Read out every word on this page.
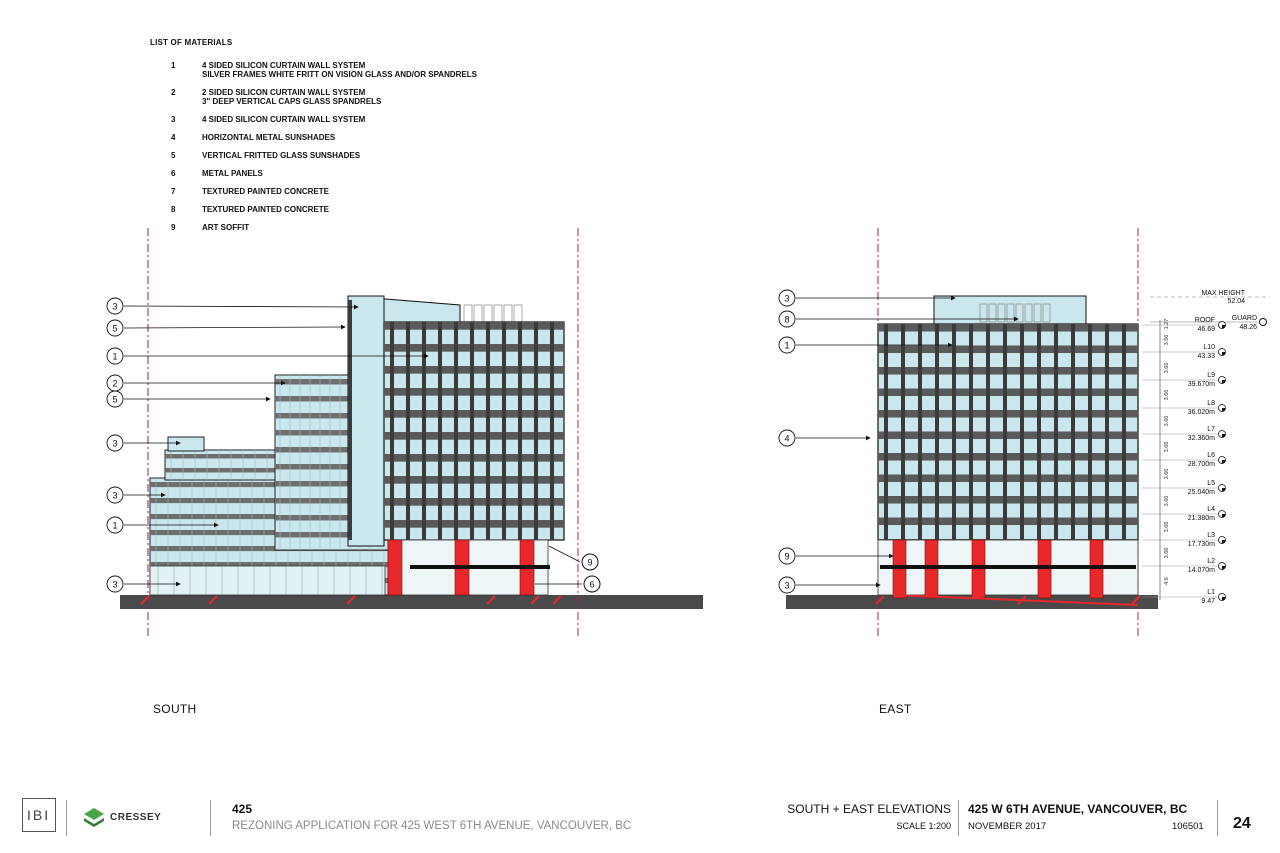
LIST OF MATERIALS
1	4 SIDED SILICON CURTAIN WALL SYSTEM
SILVER FRAMES WHITE FRITT ON VISION GLASS AND/OR SPANDRELS
2	2 SIDED SILICON CURTAIN WALL SYSTEM
3" DEEP VERTICAL CAPS GLASS SPANDRELS
3	4 SIDED SILICON CURTAIN WALL SYSTEM
4	HORIZONTAL METAL SUNSHADES
5	VERTICAL FRITTED GLASS SUNSHADES
6	METAL PANELS
7	TEXTURED PAINTED CONCRETE
8	TEXTURED PAINTED CONCRETE
9	ART SOFFIT
3
5
1
2
5
3
3
1
3
9
6
3
8
1
4
9
3
MAX HEIGHT
52.04
GUARD
48.26
ROOF
46.69
L10
43.33
L9
39.670m
L8
36.020m
L7
32.360m
L6
28.700m
L5
25.040m
L4
21.380m
L3
17.730m
L2
14.070m
L1
9.47
1.27
3.66
3.66
3.66
3.66
3.66
3.66
3.66
3.66
3.66
4.6
SOUTH	EAST
IBI	CRESSEY
425
REZONING APPLICATION FOR 425 WEST 6TH AVENUE, VANCOUVER, BC
SOUTH + EAST ELEVATIONS
SCALE 1:200
425 W 6TH AVENUE, VANCOUVER, BC
NOVEMBER 2017	106501 24
